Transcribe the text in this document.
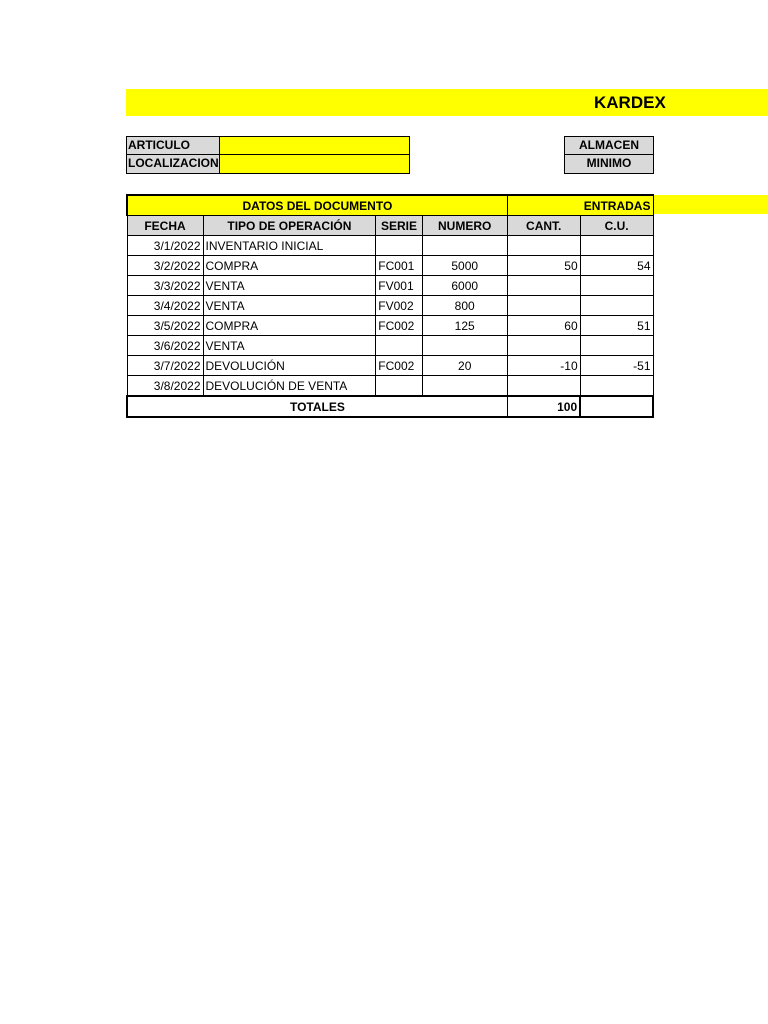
KARDEX
ARTICULO
LOCALIZACION
ALMACEN
MINIMO
DATOS DEL DOCUMENTO				ENTRADAS	
FECHA	TIPO DE OPERACIÓN	SERIE	NUMERO	CANT.	C.U.
3/1/2022	INVENTARIO INICIAL				
3/2/2022	COMPRA	FC001	5000	50	54
3/3/2022	VENTA	FV001	6000		
3/4/2022	VENTA	FV002	800		
3/5/2022	COMPRA	FC002	125	60	51
3/6/2022	VENTA				
3/7/2022	DEVOLUCIÓN	FC002	20	-10	-51
3/8/2022	DEVOLUCIÓN DE VENTA				
TOTALES				100	
